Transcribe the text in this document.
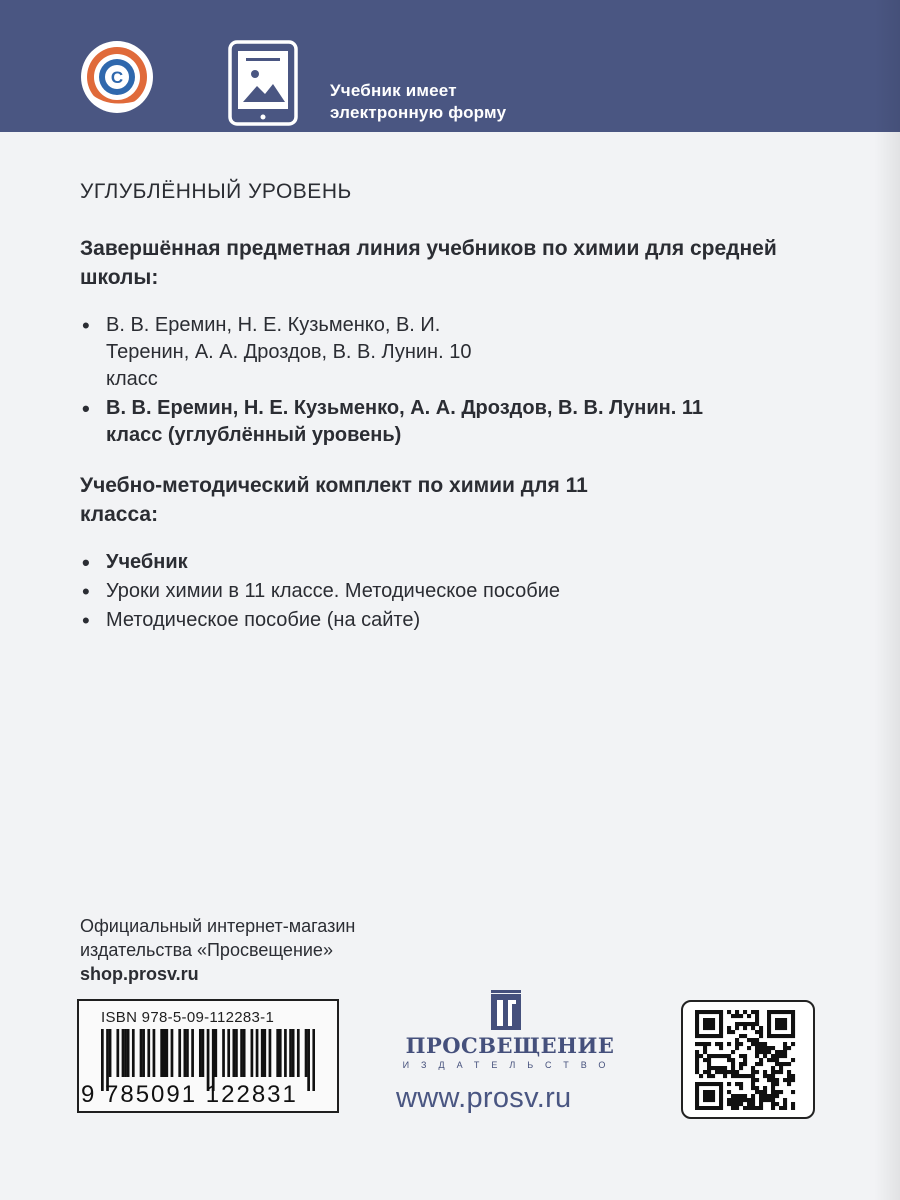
C
Учебник имеет
электронную форму
УГЛУБЛЁННЫЙ УРОВЕНЬ
Завершённая предметная линия учебников по химии для средней школы:
• В. В. Еремин, Н. Е. Кузьменко, В. И. Теренин, А. А. Дроздов, В. В. Лунин. 10 класс
• В. В. Еремин, Н. Е. Кузьменко, А. А. Дроздов, В. В. Лунин. 11 класс (углублённый уровень)
Учебно-методический комплект по химии для 11 класса:
• Учебник
• Уроки химии в 11 классе. Методическое пособие
• Методическое пособие (на сайте)
Официальный интернет-магазин
издательства «Просвещение»
shop.prosv.ru
ISBN 978-5-09-112283-1
9 785091 122831
ПРОСВЕЩЕНИЕ
ИЗДАТЕЛЬСТВО
www.prosv.ru
